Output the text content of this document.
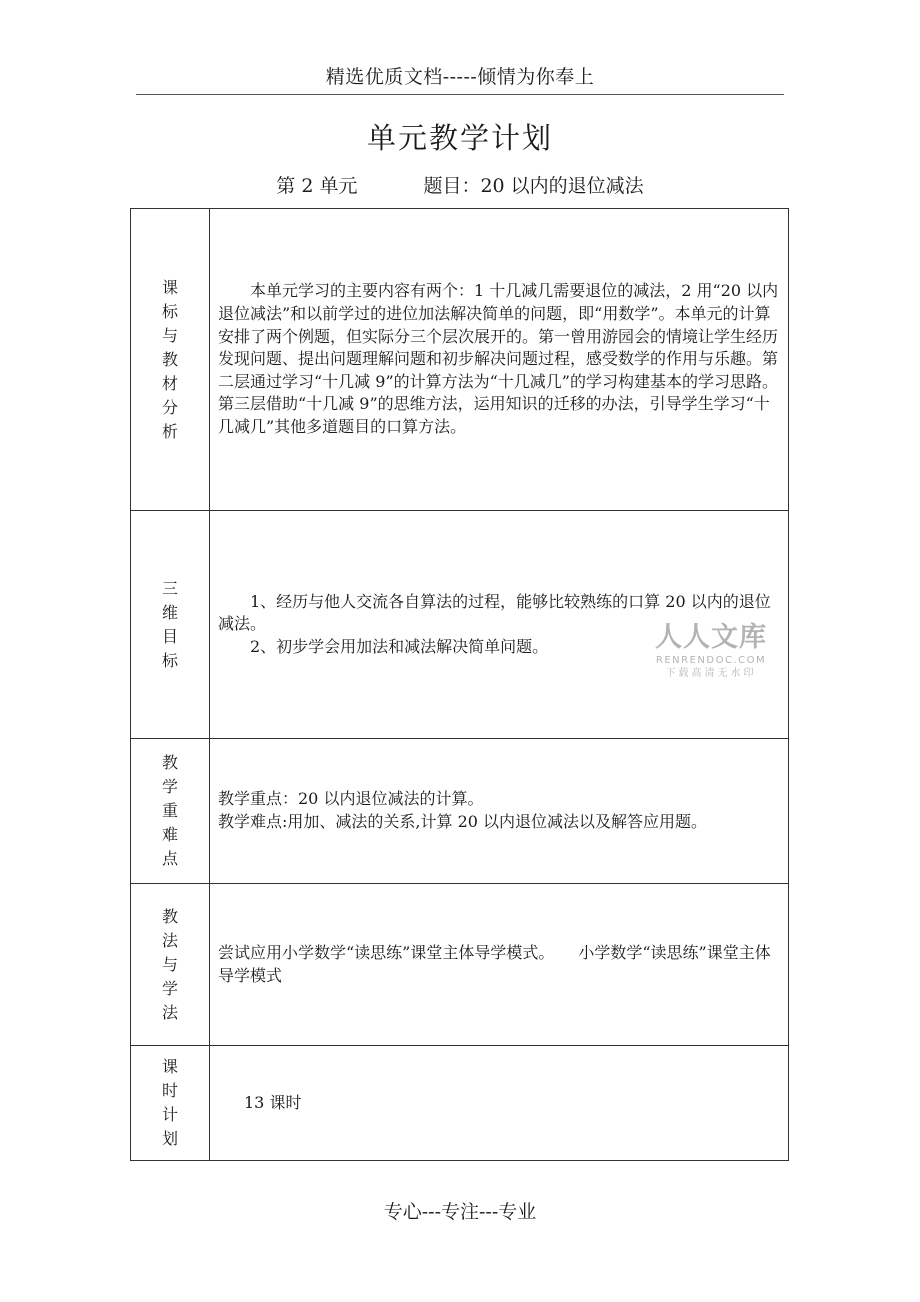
精选优质文档-----倾情为你奉上
单元教学计划
第 2 单元	题目：20 以内的退位减法
课标与教材分析	本单元学习的主要内容有两个：1 十几减几需要退位的减法，2 用“20 以内退位减法”和以前学过的进位加法解决简单的问题，即“用数学”。本单元的计算安排了两个例题，但实际分三个层次展开的。第一曾用游园会的情境让学生经历发现问题、提出问题理解问题和初步解决问题过程，感受数学的作用与乐趣。第二层通过学习“十几减 9”的计算方法为“十几减几”的学习构建基本的学习思路。第三层借助“十几减 9”的思维方法，运用知识的迁移的办法，引导学生学习“十几减几”其他多道题目的口算方法。

三维目标	1、经历与他人交流各自算法的过程，能够比较熟练的口算 20 以内的退位减法。

2、初步学会用加法和减法解决简单问题。

教学重难点	教学重点：20 以内退位减法的计算。

教学难点:用加、减法的关系,计算 20 以内退位减法以及解答应用题。

教法与学法	尝试应用小学数学“读思练”课堂主体导学模式。　　小学数学“读思练”课堂主体导学模式

课时计划	13 课时

人人文库
RENRENDOC.COM
下载高清无水印
专心---专注---专业
